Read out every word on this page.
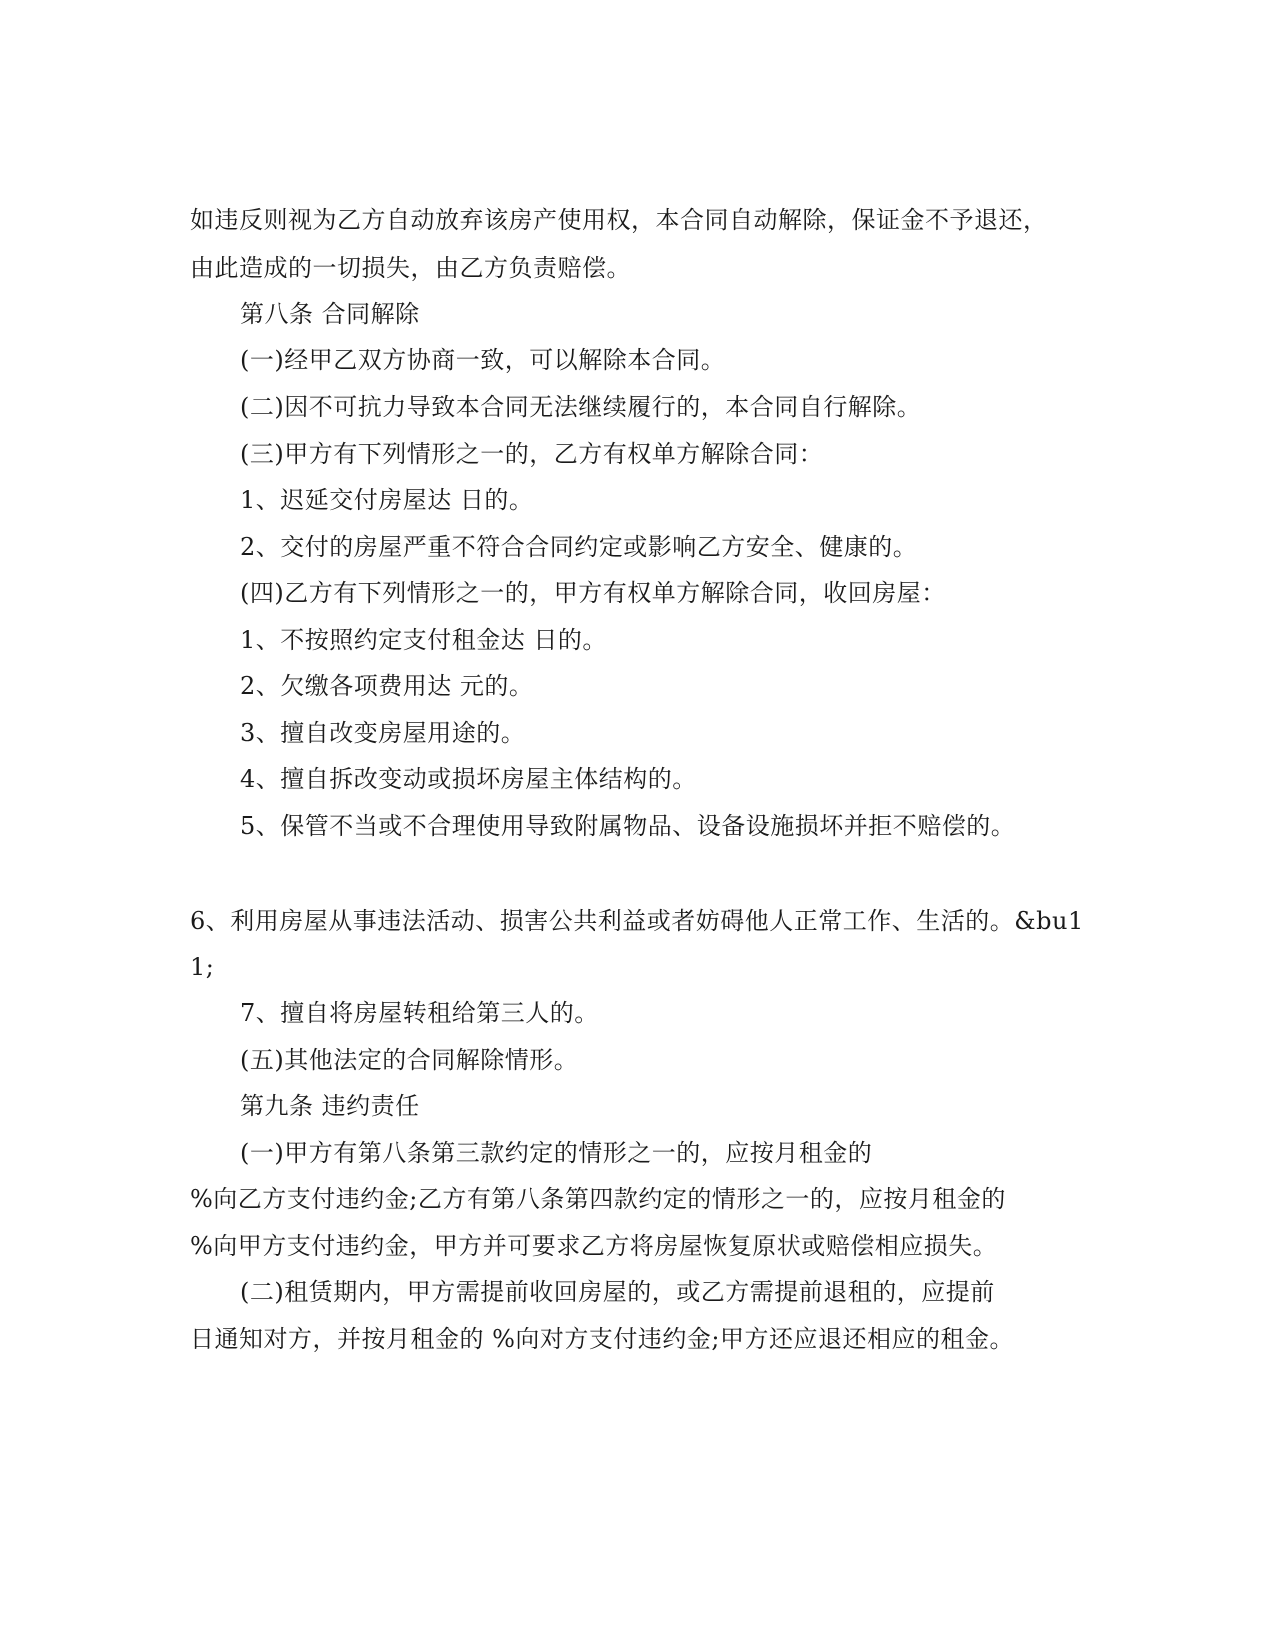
如违反则视为乙方自动放弃该房产使用权，本合同自动解除，保证金不予退还，
由此造成的一切损失，由乙方负责赔偿。
第八条 合同解除
(一)经甲乙双方协商一致，可以解除本合同。
(二)因不可抗力导致本合同无法继续履行的，本合同自行解除。
(三)甲方有下列情形之一的，乙方有权单方解除合同：
1、迟延交付房屋达 日的。
2、交付的房屋严重不符合合同约定或影响乙方安全、健康的。
(四)乙方有下列情形之一的，甲方有权单方解除合同，收回房屋：
1、不按照约定支付租金达 日的。
2、欠缴各项费用达 元的。
3、擅自改变房屋用途的。
4、擅自拆改变动或损坏房屋主体结构的。
5、保管不当或不合理使用导致附属物品、设备设施损坏并拒不赔偿的。
6、利用房屋从事违法活动、损害公共利益或者妨碍他人正常工作、生活的。&bu1
1;
7、擅自将房屋转租给第三人的。
(五)其他法定的合同解除情形。
第九条 违约责任
(一)甲方有第八条第三款约定的情形之一的，应按月租金的
%向乙方支付违约金;乙方有第八条第四款约定的情形之一的，应按月租金的
%向甲方支付违约金，甲方并可要求乙方将房屋恢复原状或赔偿相应损失。
(二)租赁期内，甲方需提前收回房屋的，或乙方需提前退租的，应提前
日通知对方，并按月租金的 %向对方支付违约金;甲方还应退还相应的租金。
